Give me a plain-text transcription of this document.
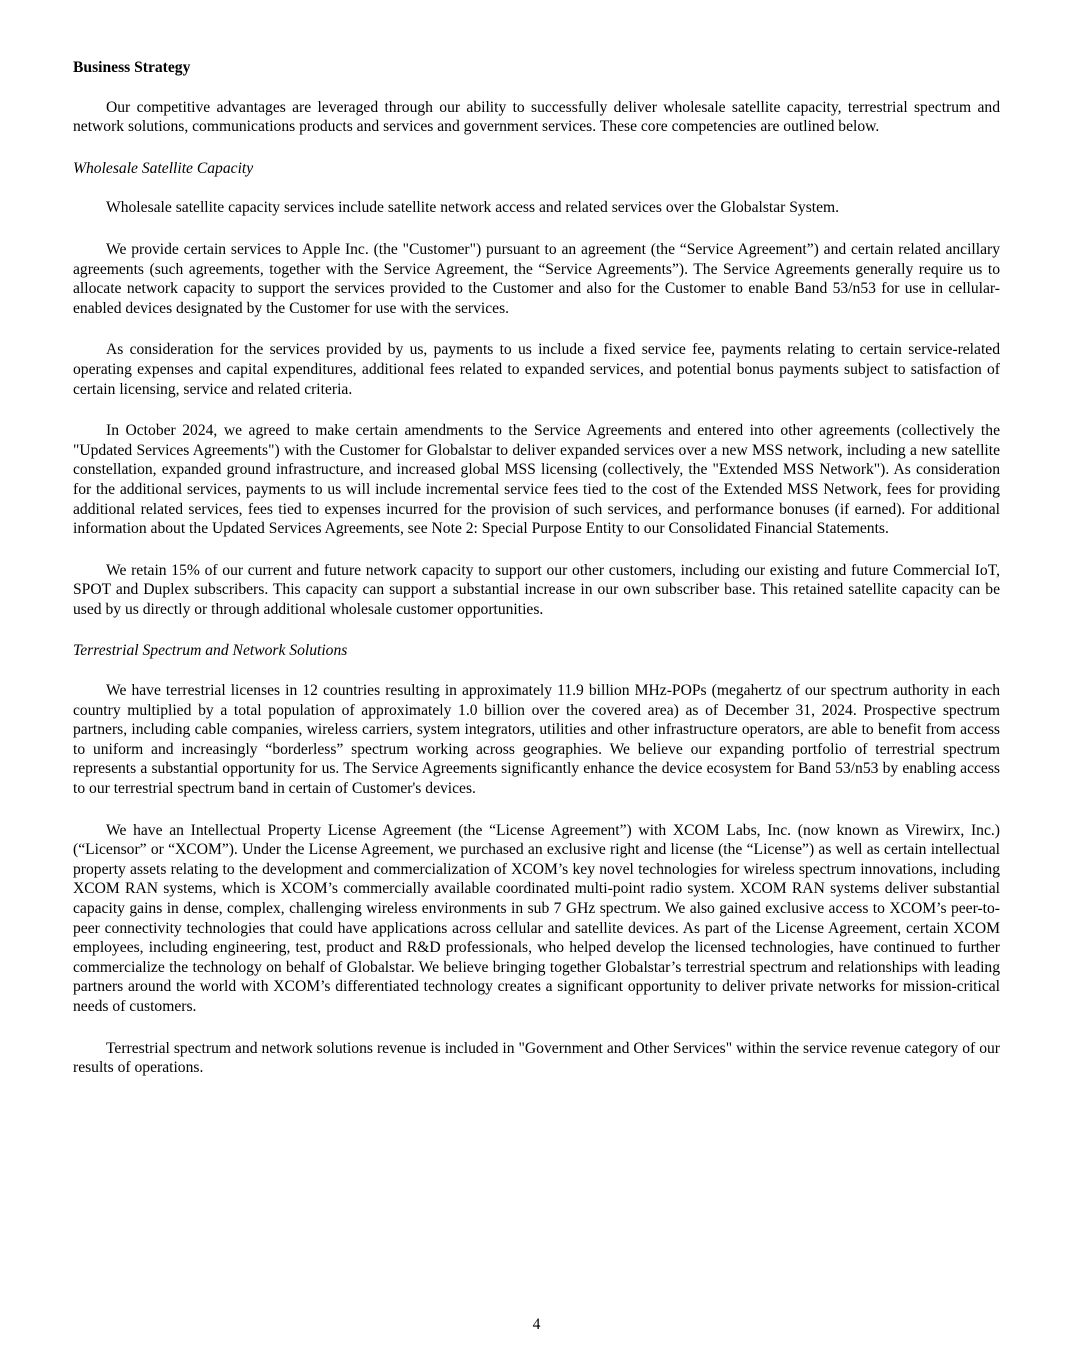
Business Strategy

Our competitive advantages are leveraged through our ability to successfully deliver wholesale satellite capacity, terrestrial spectrum and network solutions, communications products and services and government services. These core competencies are outlined below.

Wholesale Satellite Capacity

Wholesale satellite capacity services include satellite network access and related services over the Globalstar System.

We provide certain services to Apple Inc. (the "Customer") pursuant to an agreement (the “Service Agreement”) and certain related ancillary agreements (such agreements, together with the Service Agreement, the “Service Agreements”). The Service Agreements generally require us to allocate network capacity to support the services provided to the Customer and also for the Customer to enable Band 53/n53 for use in cellular-enabled devices designated by the Customer for use with the services.

As consideration for the services provided by us, payments to us include a fixed service fee, payments relating to certain service-related operating expenses and capital expenditures, additional fees related to expanded services, and potential bonus payments subject to satisfaction of certain licensing, service and related criteria.

In October 2024, we agreed to make certain amendments to the Service Agreements and entered into other agreements (collectively the "Updated Services Agreements") with the Customer for Globalstar to deliver expanded services over a new MSS network, including a new satellite constellation, expanded ground infrastructure, and increased global MSS licensing (collectively, the "Extended MSS Network"). As consideration for the additional services, payments to us will include incremental service fees tied to the cost of the Extended MSS Network, fees for providing additional related services, fees tied to expenses incurred for the provision of such services, and performance bonuses (if earned). For additional information about the Updated Services Agreements, see Note 2: Special Purpose Entity to our Consolidated Financial Statements.

We retain 15% of our current and future network capacity to support our other customers, including our existing and future Commercial IoT, SPOT and Duplex subscribers. This capacity can support a substantial increase in our own subscriber base. This retained satellite capacity can be used by us directly or through additional wholesale customer opportunities.

Terrestrial Spectrum and Network Solutions

We have terrestrial licenses in 12 countries resulting in approximately 11.9 billion MHz-POPs (megahertz of our spectrum authority in each country multiplied by a total population of approximately 1.0 billion over the covered area) as of December 31, 2024. Prospective spectrum partners, including cable companies, wireless carriers, system integrators, utilities and other infrastructure operators, are able to benefit from access to uniform and increasingly “borderless” spectrum working across geographies. We believe our expanding portfolio of terrestrial spectrum represents a substantial opportunity for us. The Service Agreements significantly enhance the device ecosystem for Band 53/n53 by enabling access to our terrestrial spectrum band in certain of Customer's devices.

We have an Intellectual Property License Agreement (the “License Agreement”) with XCOM Labs, Inc. (now known as Virewirx, Inc.) (“Licensor” or “XCOM”). Under the License Agreement, we purchased an exclusive right and license (the “License”) as well as certain intellectual property assets relating to the development and commercialization of XCOM’s key novel technologies for wireless spectrum innovations, including XCOM RAN systems, which is XCOM’s commercially available coordinated multi-point radio system. XCOM RAN systems deliver substantial capacity gains in dense, complex, challenging wireless environments in sub 7 GHz spectrum. We also gained exclusive access to XCOM’s peer-to-peer connectivity technologies that could have applications across cellular and satellite devices. As part of the License Agreement, certain XCOM employees, including engineering, test, product and R&D professionals, who helped develop the licensed technologies, have continued to further commercialize the technology on behalf of Globalstar. We believe bringing together Globalstar’s terrestrial spectrum and relationships with leading partners around the world with XCOM’s differentiated technology creates a significant opportunity to deliver private networks for mission-critical needs of customers.

Terrestrial spectrum and network solutions revenue is included in "Government and Other Services" within the service revenue category of our results of operations.

4
